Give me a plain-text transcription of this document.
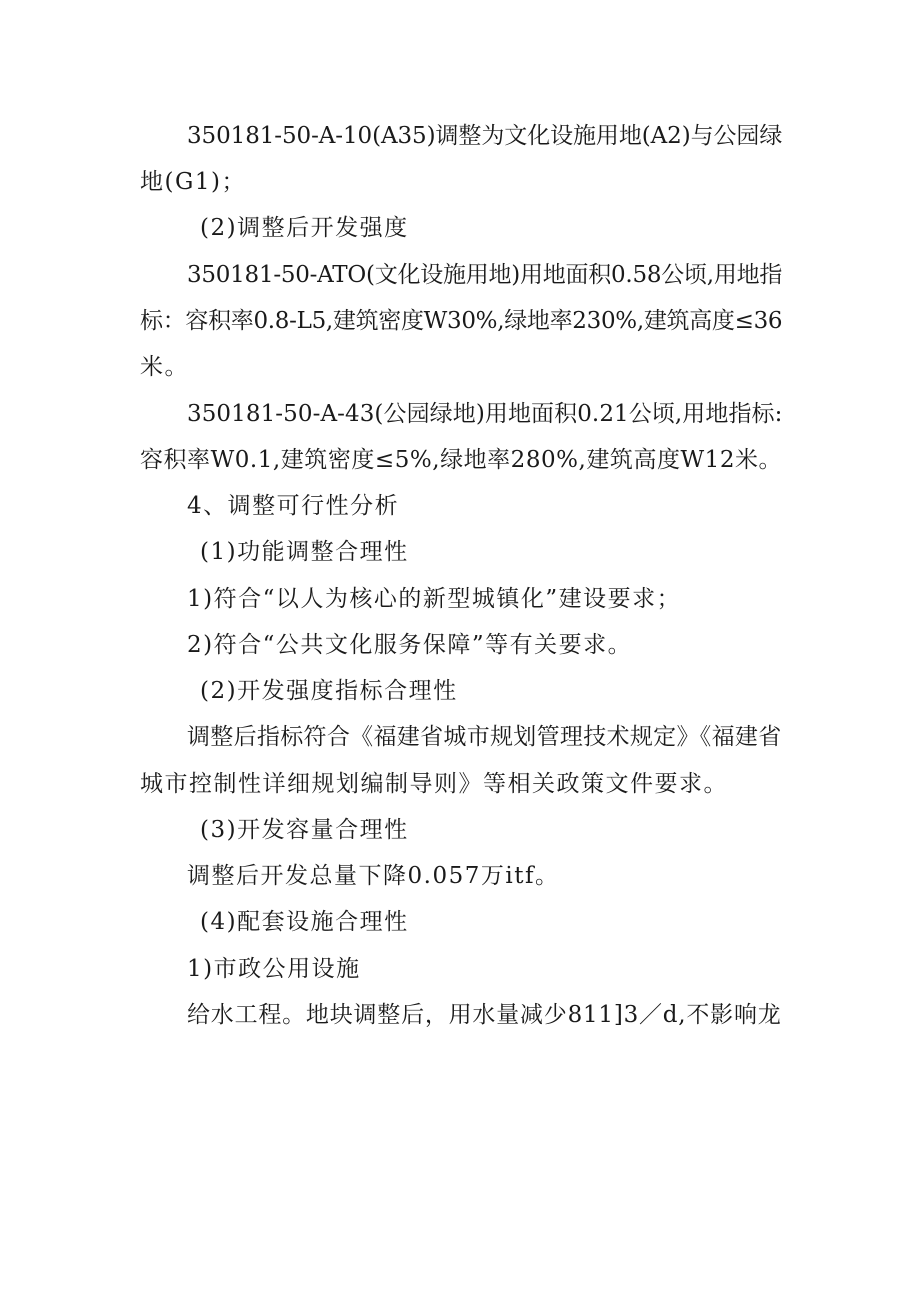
350181-50-A-10(A35)调整为文化设施用地(A2)与公园绿
地(G1)；
(2)调整后开发强度
350181-50-ATO(文化设施用地)用地面积0.58公顷,用地指
标：容积率0.8-L5,建筑密度W30%,绿地率230%,建筑高度≤36
米。
350181-50-A-43(公园绿地)用地面积0.21公顷,用地指标:
容积率W0.1,建筑密度≤5%,绿地率280%,建筑高度W12米。
4、调整可行性分析
(1)功能调整合理性
1)符合“以人为核心的新型城镇化”建设要求；
2)符合“公共文化服务保障”等有关要求。
(2)开发强度指标合理性
调整后指标符合《福建省城市规划管理技术规定》《福建省
城市控制性详细规划编制导则》等相关政策文件要求。
(3)开发容量合理性
调整后开发总量下降0.057万itf。
(4)配套设施合理性
1)市政公用设施
给水工程。地块调整后，用水量减少811]3／d,不影响龙
